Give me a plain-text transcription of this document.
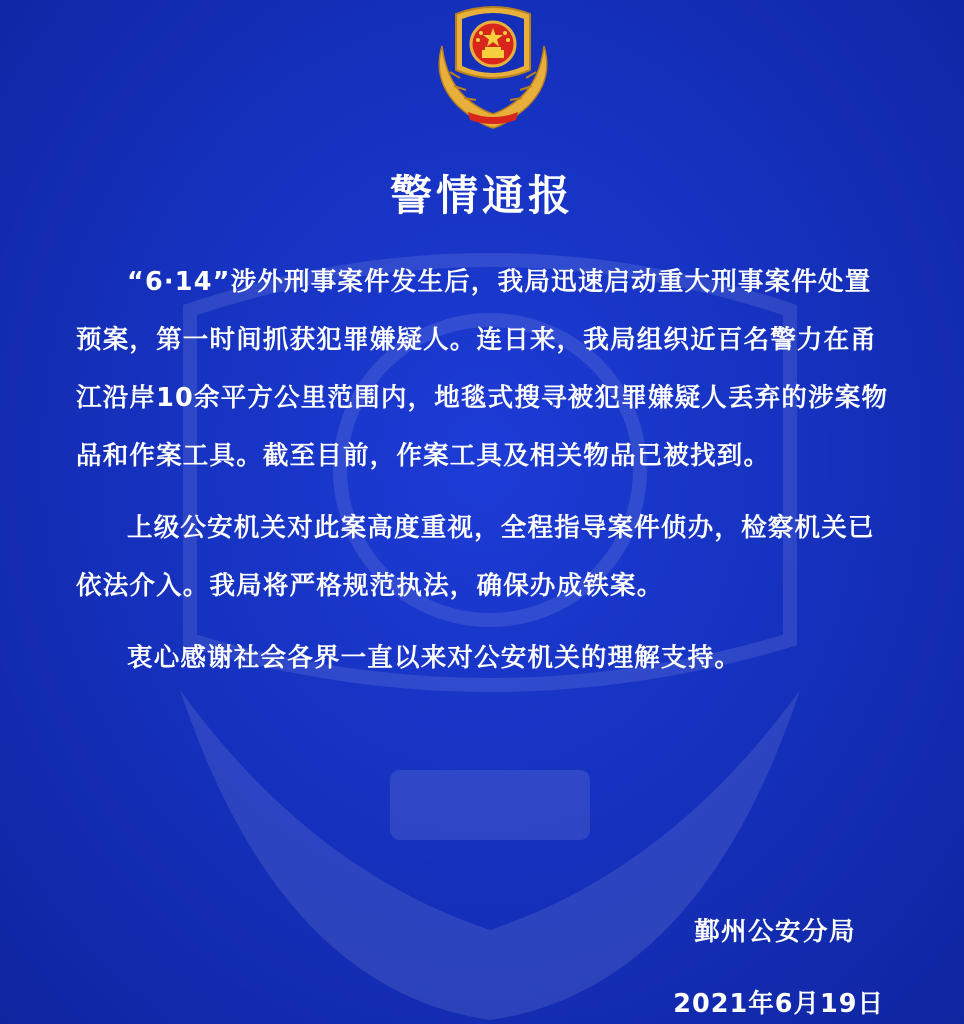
警情通报

“6·14”涉外刑事案件发生后，我局迅速启动重大刑事案件处置预案，第一时间抓获犯罪嫌疑人。连日来，我局组织近百名警力在甬江沿岸10余平方公里范围内，地毯式搜寻被犯罪嫌疑人丢弃的涉案物品和作案工具。截至目前，作案工具及相关物品已被找到。

上级公安机关对此案高度重视，全程指导案件侦办，检察机关已依法介入。我局将严格规范执法，确保办成铁案。

衷心感谢社会各界一直以来对公安机关的理解支持。

鄞州公安分局
2021年6月19日
